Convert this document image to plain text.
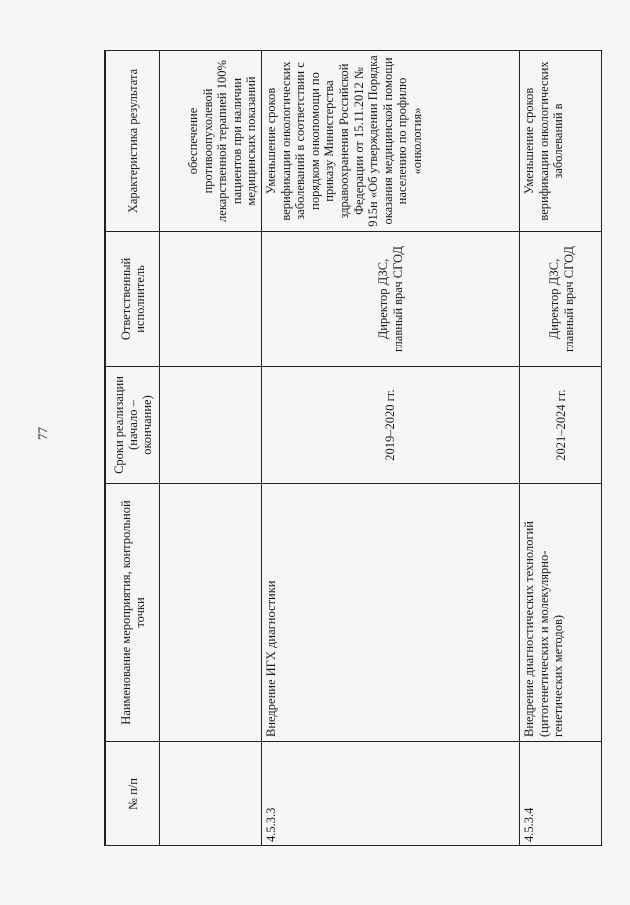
77
№ п/п	Наименование мероприятия, контрольной точки	Сроки реализации (начало – окончание)	Ответственный исполнитель	Характеристика результата
				обеспечение противоопухолевой лекарственной терапией 100% пациентов при наличии медицинских показаний
4.5.3.3	Внедрение ИГХ диагностики	2019–2020 гг.	Директор ДЗС, главный врач СГОД	Уменьшение сроков верификации онкологических заболеваний в соответствии с порядком онкопомощи по приказу Министерства здравоохранения Российской Федерации от 15.11.2012 № 915н «Об утверждении Порядка оказания медицинской помощи населению по профилю «онкология»
4.5.3.4	Внедрение диагностических технологий (цитогенетических и молекулярно-генетических методов)	2021–2024 гг.	Директор ДЗС, главный врач СГОД	Уменьшение сроков верификации онкологических заболеваний в
